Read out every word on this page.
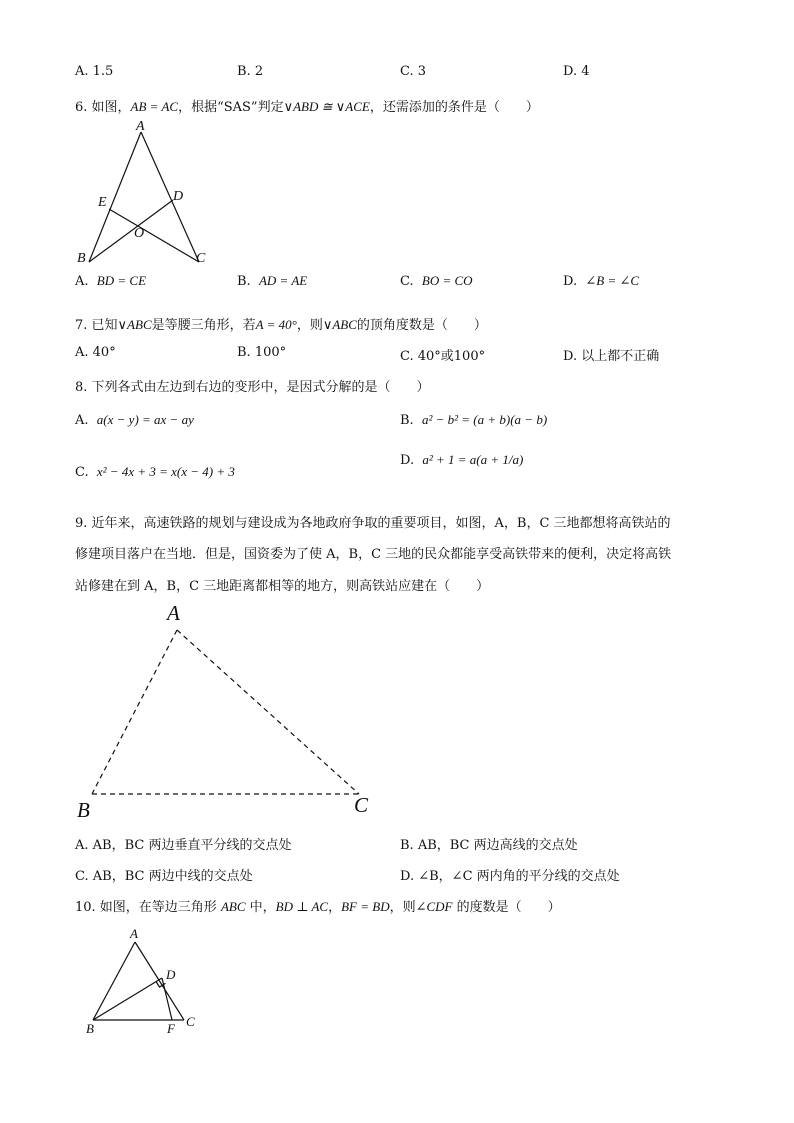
A. 1.5	B. 2	C. 3	D. 4
6. 如图，AB = AC，根据“SAS”判定∨ABD ≅ ∨ACE，还需添加的条件是（　　）
A
E	D
O
B	C
A. BD = CE	B. AD = AE	C. BO = CO	D. ∠B = ∠C
7. 已知∨ABC是等腰三角形，若A = 40°，则∨ABC的顶角度数是（　　）
A. 40°	B. 100°	C. 40°或100°	D. 以上都不正确
8. 下列各式由左边到右边的变形中，是因式分解的是（　　）
A. a(x − y) = ax − ay	B. a² − b² = (a + b)(a − b)
C. x² − 4x + 3 = x(x − 4) + 3
D. a² + 1 = a(a + 1/a)
9. 近年来，高速铁路的规划与建设成为各地政府争取的重要项目，如图，A，B，C 三地都想将高铁站的
修建项目落户在当地．但是，国资委为了使 A，B，C 三地的民众都能享受高铁带来的便利，决定将高铁
站修建在到 A，B，C 三地距离都相等的地方，则高铁站应建在（　　）
A
B	C
A. AB，BC 两边垂直平分线的交点处	B. AB，BC 两边高线的交点处
C. AB，BC 两边中线的交点处	D. ∠B，∠C 两内角的平分线的交点处
10. 如图，在等边三角形 ABC 中，BD ⊥ AC，BF = BD，则∠CDF 的度数是（　　）
A
D
B	F C
